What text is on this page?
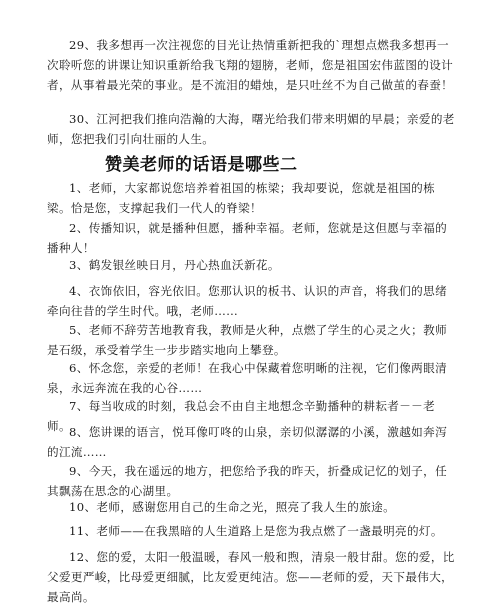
29、我多想再一次注视您的目光让热情重新把我的`理想点燃我多想再一次聆听您的讲课让知识重新给我飞翔的翅膀，老师，您是祖国宏伟蓝图的设计者，从事着最光荣的事业。是不流泪的蜡烛，是只吐丝不为自己做茧的春蚕！

30、江河把我们推向浩瀚的大海，曙光给我们带来明媚的早晨；亲爱的老师，您把我们引向壮丽的人生。

赞美老师的话语是哪些二

1、老师，大家都说您培养着祖国的栋梁；我却要说，您就是祖国的栋梁。恰是您，支撑起我们一代人的脊梁！

2、传播知识，就是播种但愿，播种幸福。老师，您就是这但愿与幸福的播种人！

3、鹤发银丝映日月，丹心热血沃新花。

4、衣饰依旧，容光依旧。您那认识的板书、认识的声音，将我们的思绪牵向往昔的学生时代。哦，老师……

5、老师不辞劳苦地教育我，教师是火种，点燃了学生的心灵之火；教师是石级，承受着学生一步步踏实地向上攀登。

6、怀念您，亲爱的老师！在我心中保藏着您明晰的注视，它们像两眼清泉，永远奔流在我的心谷……

7、每当收成的时刻，我总会不由自主地想念辛勤播种的耕耘者－－老师。

8、您讲课的语言，悦耳像叮咚的山泉，亲切似潺潺的小溪，激越如奔泻的江流……

9、今天，我在遥远的地方，把您给予我的昨天，折叠成记忆的划子，任其飘荡在思念的心湖里。

10、老师，感谢您用自己的生命之光，照亮了我人生的旅途。

11、老师——在我黑暗的人生道路上是您为我点燃了一盏最明亮的灯。

12、您的爱，太阳一般温暖，春风一般和煦，清泉一般甘甜。您的爱，比父爱更严峻，比母爱更细腻，比友爱更纯洁。您——老师的爱，天下最伟大，最高尚。
